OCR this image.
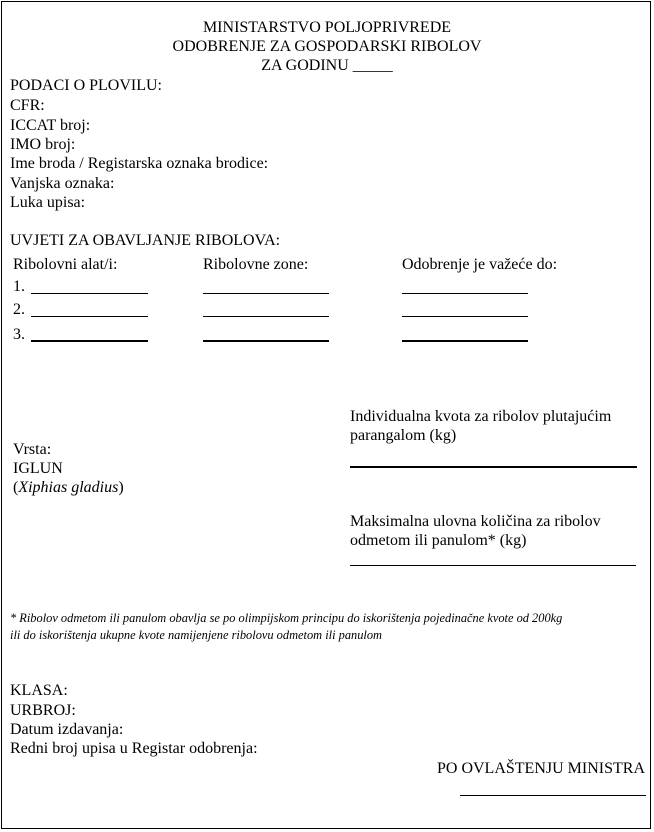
MINISTARSTVO POLJOPRIVREDE
ODOBRENJE ZA GOSPODARSKI RIBOLOV
ZA GODINU _____
PODACI O PLOVILU:
CFR:
ICCAT broj:
IMO broj:
Ime broda / Registarska oznaka brodice:
Vanjska oznaka:
Luka upisa:
UVJETI ZA OBAVLJANJE RIBOLOVA:
Ribolovni alat/i:	Ribolovne zone:	Odobrenje je važeće do:
1.
2.
3.
Vrsta:
IGLUN
(Xiphias gladius)
Individualna kvota za ribolov plutajućim parangalom (kg)
Maksimalna ulovna količina za ribolov odmetom ili panulom* (kg)
* Ribolov odmetom ili panulom obavlja se po olimpijskom principu do iskorištenja pojedinačne kvote od 200kg
ili do iskorištenja ukupne kvote namijenjene ribolovu odmetom ili panulom
KLASA:
URBROJ:
Datum izdavanja:
Redni broj upisa u Registar odobrenja:
PO OVLAŠTENJU MINISTRA
